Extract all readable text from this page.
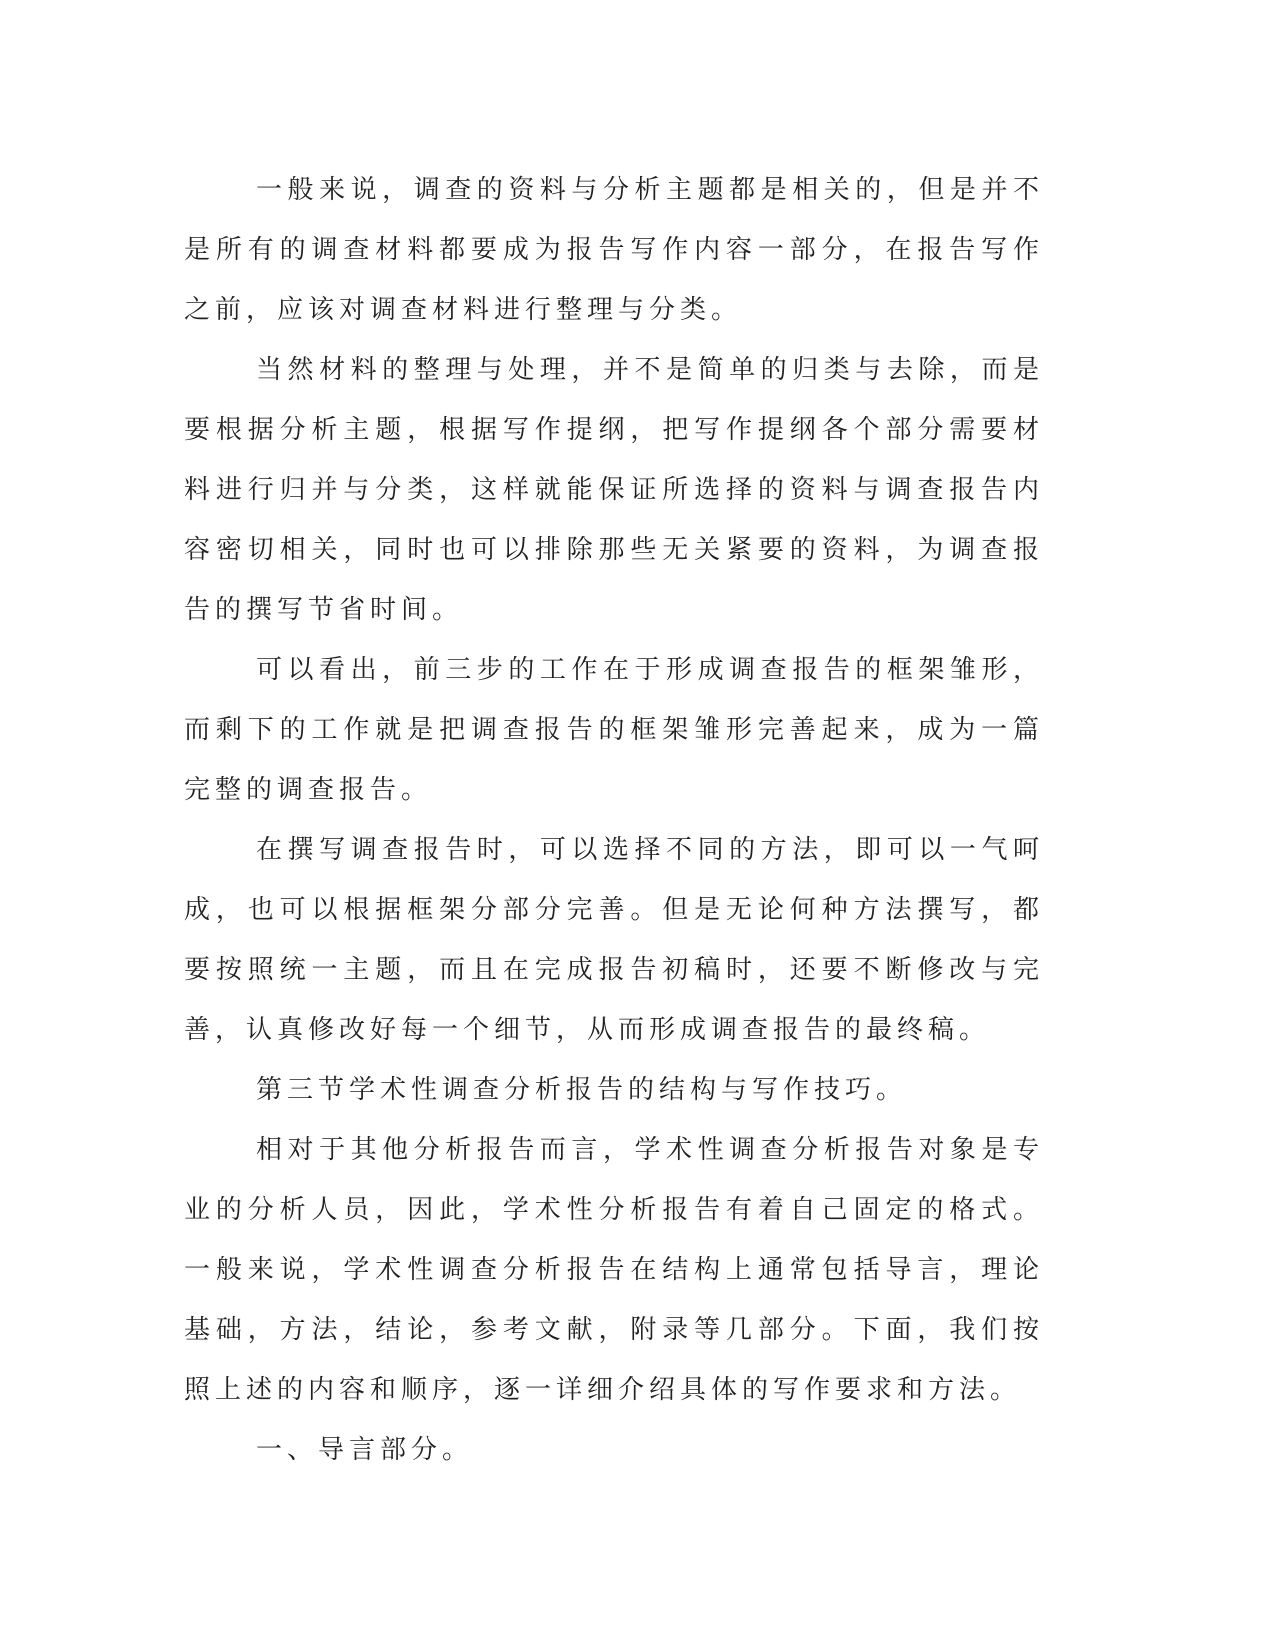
一般来说，调查的资料与分析主题都是相关的，但是并不是所有的调查材料都要成为报告写作内容一部分，在报告写作之前，应该对调查材料进行整理与分类。

当然材料的整理与处理，并不是简单的归类与去除，而是要根据分析主题，根据写作提纲，把写作提纲各个部分需要材料进行归并与分类，这样就能保证所选择的资料与调查报告内容密切相关，同时也可以排除那些无关紧要的资料，为调查报告的撰写节省时间。

可以看出，前三步的工作在于形成调查报告的框架雏形，而剩下的工作就是把调查报告的框架雏形完善起来，成为一篇完整的调查报告。

在撰写调查报告时，可以选择不同的方法，即可以一气呵成，也可以根据框架分部分完善。但是无论何种方法撰写，都要按照统一主题，而且在完成报告初稿时，还要不断修改与完善，认真修改好每一个细节，从而形成调查报告的最终稿。

第三节学术性调查分析报告的结构与写作技巧。

相对于其他分析报告而言，学术性调查分析报告对象是专业的分析人员，因此，学术性分析报告有着自己固定的格式。一般来说，学术性调查分析报告在结构上通常包括导言，理论基础，方法，结论，参考文献，附录等几部分。下面，我们按照上述的内容和顺序，逐一详细介绍具体的写作要求和方法。

一、导言部分。
